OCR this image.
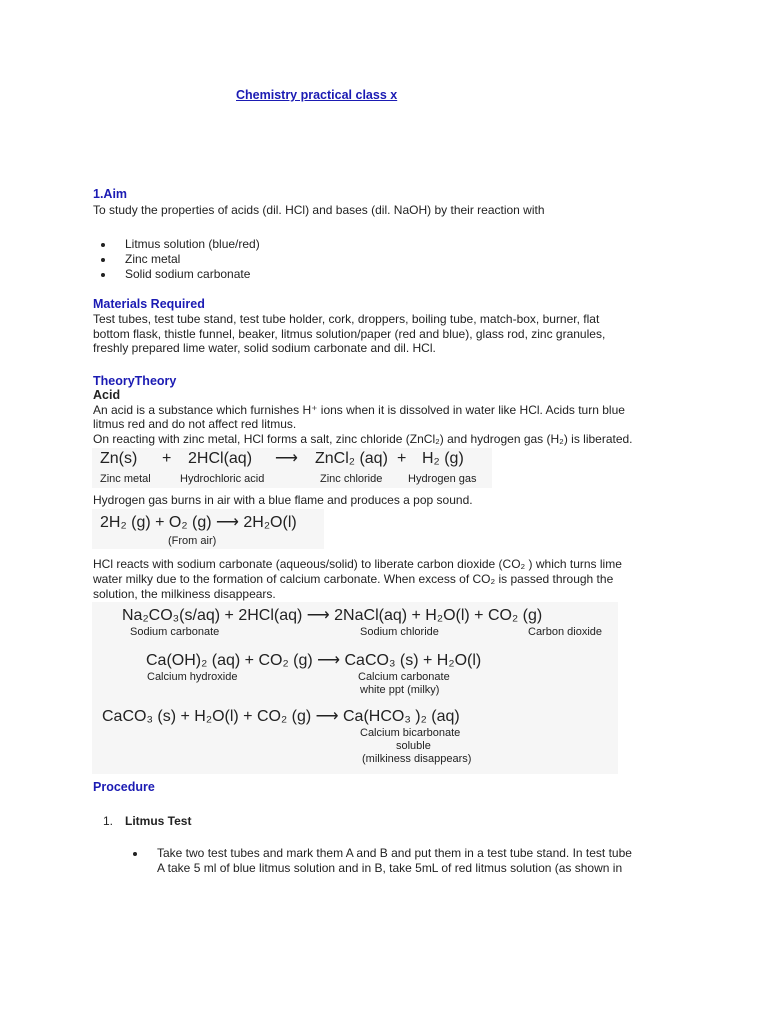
Chemistry practical class x
1.Aim
To study the properties of acids (dil. HCl) and bases (dil. NaOH) by their reaction with
Litmus solution (blue/red)
Zinc metal
Solid sodium carbonate
Materials Required
Test tubes, test tube stand, test tube holder, cork, droppers, boiling tube, match-box, burner, flat
bottom flask, thistle funnel, beaker, litmus solution/paper (red and blue), glass rod, zinc granules,
freshly prepared lime water, solid sodium carbonate and dil. HCl.
TheoryTheory
Acid
An acid is a substance which furnishes H⁺ ions when it is dissolved in water like HCl. Acids turn blue
litmus red and do not affect red litmus.
On reacting with zinc metal, HCl forms a salt, zinc chloride (ZnCl₂) and hydrogen gas (H₂) is liberated.
Zn(s) + 2HCl(aq) ⟶ ZnCl₂ (aq) + H₂ (g)
Zinc metal	Hydrochloric acid	Zinc chloride Hydrogen gas
Hydrogen gas burns in air with a blue flame and produces a pop sound.
2H₂ (g) + O₂ (g) ⟶ 2H₂O(l)
(From air)
HCl reacts with sodium carbonate (aqueous/solid) to liberate carbon dioxide (CO₂ ) which turns lime
water milky due to the formation of calcium carbonate. When excess of CO₂ is passed through the
solution, the milkiness disappears.
Na₂CO₃(s/aq) + 2HCl(aq) ⟶ 2NaCl(aq) + H₂O(l) + CO₂ (g)
Sodium carbonate	Sodium chloride	Carbon dioxide
Ca(OH)₂ (aq) + CO₂ (g) ⟶ CaCO₃ (s) + H₂O(l)
Calcium hydroxide	Calcium carbonate
white ppt (milky)
CaCO₃ (s) + H₂O(l) + CO₂ (g) ⟶ Ca(HCO₃ )₂ (aq)
Calcium bicarbonate
soluble
(milkiness disappears)
Procedure
1. Litmus Test
Take two test tubes and mark them A and B and put them in a test tube stand. In test tube
A take 5 ml of blue litmus solution and in B, take 5mL of red litmus solution (as shown in
